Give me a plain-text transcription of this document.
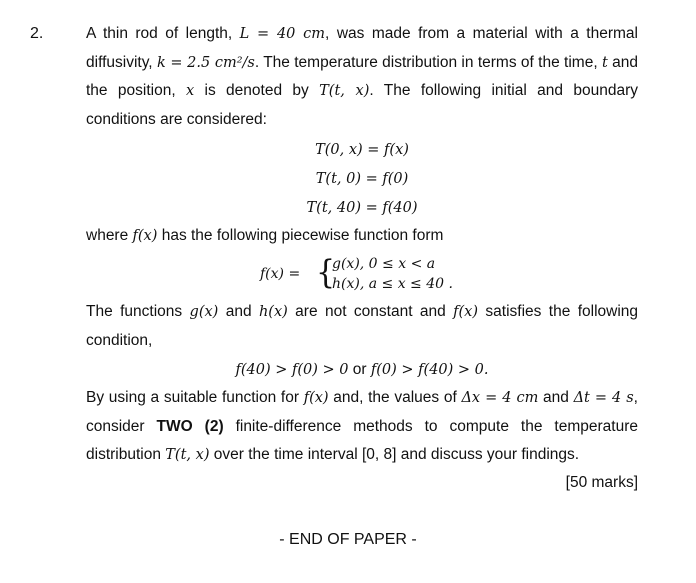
2.	A thin rod of length, L = 40 cm, was made from a material with a thermal diffusivity, k = 2.5 cm²/s. The temperature distribution in terms of the time, t and the position, x is denoted by T(t, x). The following initial and boundary conditions are considered:
T(0, x) = f(x)
T(t, 0) = f(0)
T(t, 40) = f(40)
where f(x) has the following piecewise function form
f(x) = {
g(x), 0 ≤ x < a
h(x), a ≤ x ≤ 40 .
The functions g(x) and h(x) are not constant and f(x) satisfies the following condition,
f(40) > f(0) > 0 or f(0) > f(40) > 0.
By using a suitable function for f(x) and, the values of Δx = 4 cm and Δt = 4 s, consider TWO (2) finite-difference methods to compute the temperature distribution T(t, x) over the time interval [0, 8] and discuss your findings.
[50 marks]
- END OF PAPER -
